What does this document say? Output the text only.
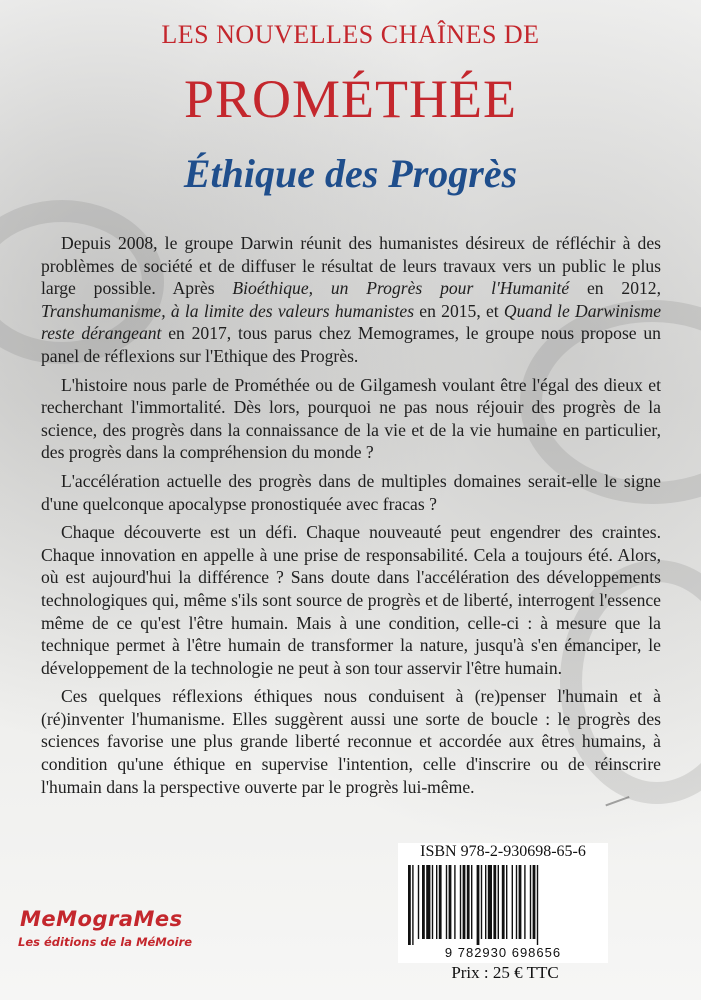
LES NOUVELLES CHAÎNES DE
PROMÉTHÉE
Éthique des Progrès

Depuis 2008, le groupe Darwin réunit des humanistes désireux de réfléchir à des problèmes de société et de diffuser le résultat de leurs travaux vers un public le plus large possible. Après Bioéthique, un Progrès pour l'Humanité en 2012, Transhumanisme, à la limite des valeurs humanistes en 2015, et Quand le Darwinisme reste dérangeant en 2017, tous parus chez Memogrames, le groupe nous propose un panel de réflexions sur l'Ethique des Progrès.

L'histoire nous parle de Prométhée ou de Gilgamesh voulant être l'égal des dieux et recherchant l'immortalité. Dès lors, pourquoi ne pas nous réjouir des progrès de la science, des progrès dans la connaissance de la vie et de la vie humaine en particulier, des progrès dans la compréhension du monde ?

L'accélération actuelle des progrès dans de multiples domaines serait-elle le signe d'une quelconque apocalypse pronostiquée avec fracas ?

Chaque découverte est un défi. Chaque nouveauté peut engendrer des craintes. Chaque innovation en appelle à une prise de responsabilité. Cela a toujours été. Alors, où est aujourd'hui la différence ? Sans doute dans l'accélération des développements technologiques qui, même s'ils sont source de progrès et de liberté, interrogent l'essence même de ce qu'est l'être humain. Mais à une condition, celle-ci : à mesure que la technique permet à l'être humain de transformer la nature, jusqu'à s'en émanciper, le développement de la technologie ne peut à son tour asservir l'être humain.

Ces quelques réflexions éthiques nous conduisent à (re)penser l'humain et à (ré)inventer l'humanisme. Elles suggèrent aussi une sorte de boucle : le progrès des sciences favorise une plus grande liberté reconnue et accordée aux êtres humains, à condition qu'une éthique en supervise l'intention, celle d'inscrire ou de réinscrire l'humain dans la perspective ouverte par le progrès lui-même.

ISBN 978-2-930698-65-6
9 782930 698656
Prix : 25 € TTC
MeMograMes
Les éditions de la MéMoire
